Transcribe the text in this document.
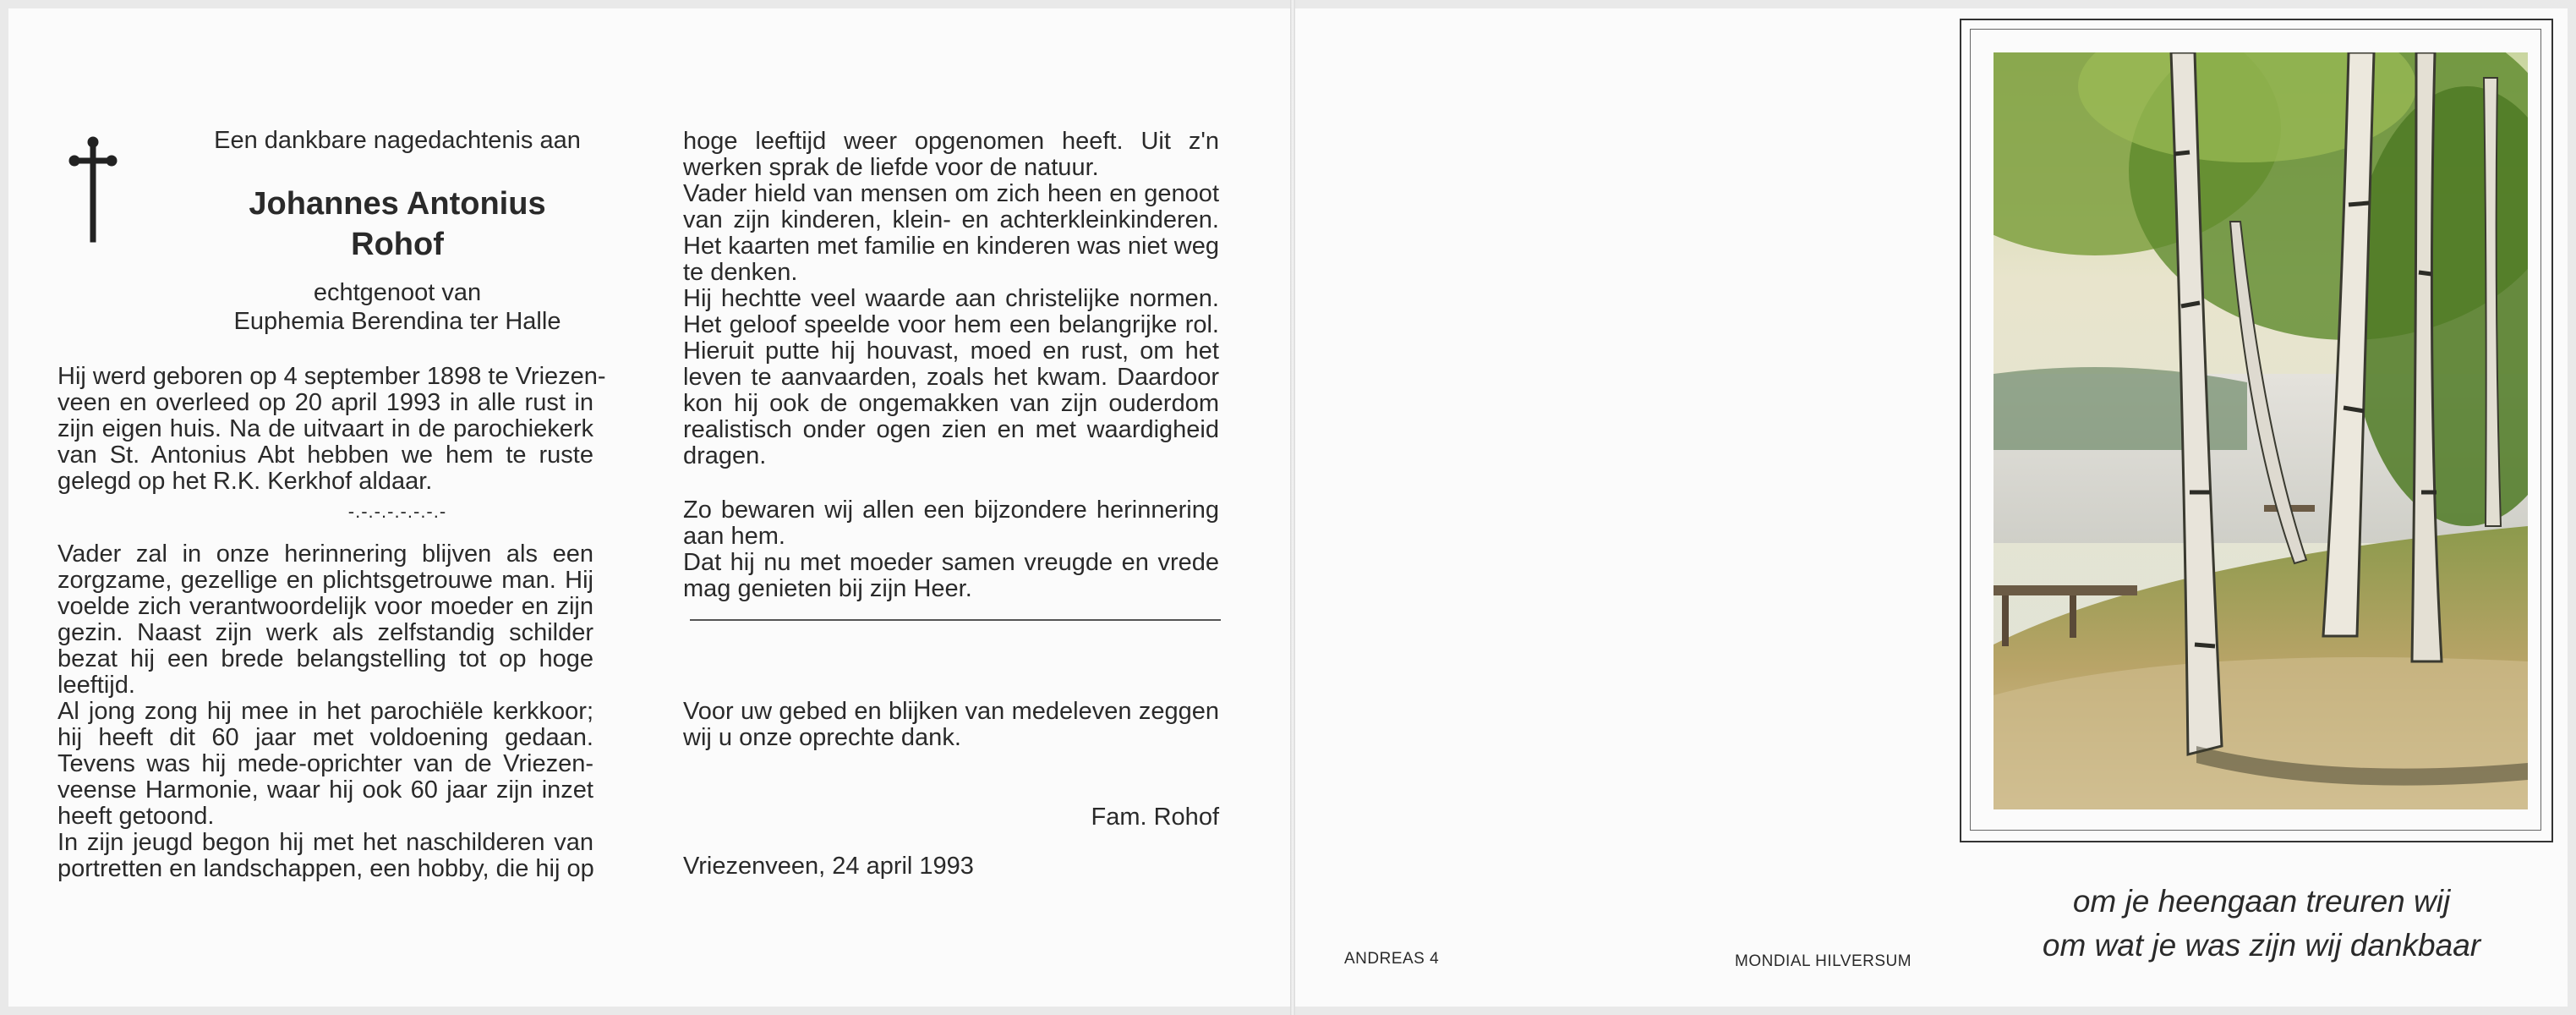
Een dankbare nagedachtenis aan
Johannes Antonius
Rohof
echtgenoot van
Euphemia Berendina ter Halle
Hij werd geboren op 4 september 1898 te Vriezen-
veen en overleed op 20 april 1993 in alle rust in
zijn eigen huis. Na de uitvaart in de parochiekerk
van St. Antonius Abt hebben we hem te ruste
gelegd op het R.K. Kerkhof aldaar.
-.-.-.-.-.-.-.-
Vader zal in onze herinnering blijven als een
zorgzame, gezellige en plichtsgetrouwe man. Hij
voelde zich verantwoordelijk voor moeder en zijn
gezin. Naast zijn werk als zelfstandig schilder
bezat hij een brede belangstelling tot op hoge
leeftijd.
Al jong zong hij mee in het parochiële kerkkoor;
hij heeft dit 60 jaar met voldoening gedaan.
Tevens was hij mede-oprichter van de Vriezen-
veense Harmonie, waar hij ook 60 jaar zijn inzet
heeft getoond.
In zijn jeugd begon hij met het naschilderen van
portretten en landschappen, een hobby, die hij op
hoge leeftijd weer opgenomen heeft. Uit z'n
werken sprak de liefde voor de natuur.
Vader hield van mensen om zich heen en genoot
van zijn kinderen, klein- en achterkleinkinderen.
Het kaarten met familie en kinderen was niet weg
te denken.
Hij hechtte veel waarde aan christelijke normen.
Het geloof speelde voor hem een belangrijke rol.
Hieruit putte hij houvast, moed en rust, om het
leven te aanvaarden, zoals het kwam. Daardoor
kon hij ook de ongemakken van zijn ouderdom
realistisch onder ogen zien en met waardigheid
dragen.
Zo bewaren wij allen een bijzondere herinnering
aan hem.
Dat hij nu met moeder samen vreugde en vrede
mag genieten bij zijn Heer.
Voor uw gebed en blijken van medeleven zeggen
wij u onze oprechte dank.
Fam. Rohof
Vriezenveen, 24 april 1993
om je heengaan treuren wij
om wat je was zijn wij dankbaar
ANDREAS 4	MONDIAL HILVERSUM
